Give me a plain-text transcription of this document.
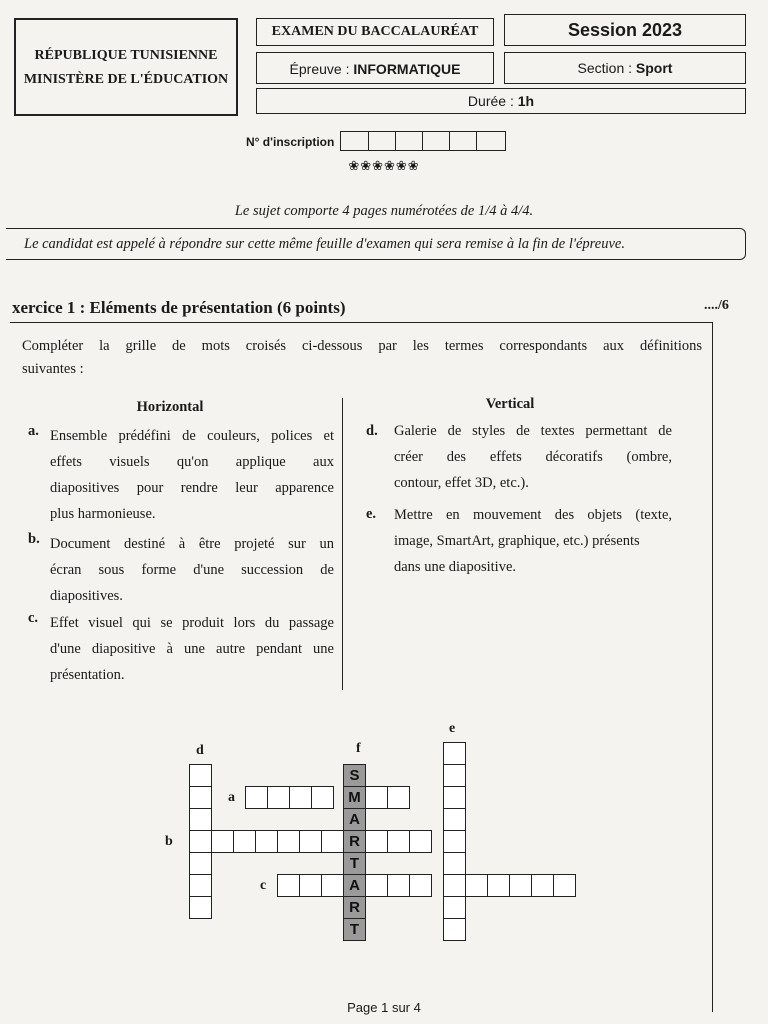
RÉPUBLIQUE TUNISIENNE
MINISTÈRE DE L'ÉDUCATION
EXAMEN DU BACCALAURÉAT
Épreuve : INFORMATIQUE
Session 2023
Section : Sport
Durée : 1h
N° d'inscription
❀❀❀❀❀❀
Le sujet comporte 4 pages numérotées de 1/4 à 4/4.
Le candidat est appelé à répondre sur cette même feuille d'examen qui sera remise à la fin de l'épreuve.
xercice 1 : Eléments de présentation (6 points)	..../6
Compléter la grille de mots croisés ci-dessous par les termes correspondants aux définitions
suivantes :
Horizontal	Vertical
a. Ensemble prédéfini de couleurs, polices et
effets visuels qu'on applique aux
diapositives pour rendre leur apparence
plus harmonieuse.
b. Document destiné à être projeté sur un
écran sous forme d'une succession de
diapositives.
c. Effet visuel qui se produit lors du passage
d'une diapositive à une autre pendant une
présentation.
d. Galerie de styles de textes permettant de
créer des effets décoratifs (ombre,
contour, effet 3D, etc.).
e. Mettre en mouvement des objets (texte,
image, SmartArt, graphique, etc.) présents
dans une diapositive.
d	f
e
a
b
c
S
M
A
R
T
A
R
T
Page 1 sur 4
